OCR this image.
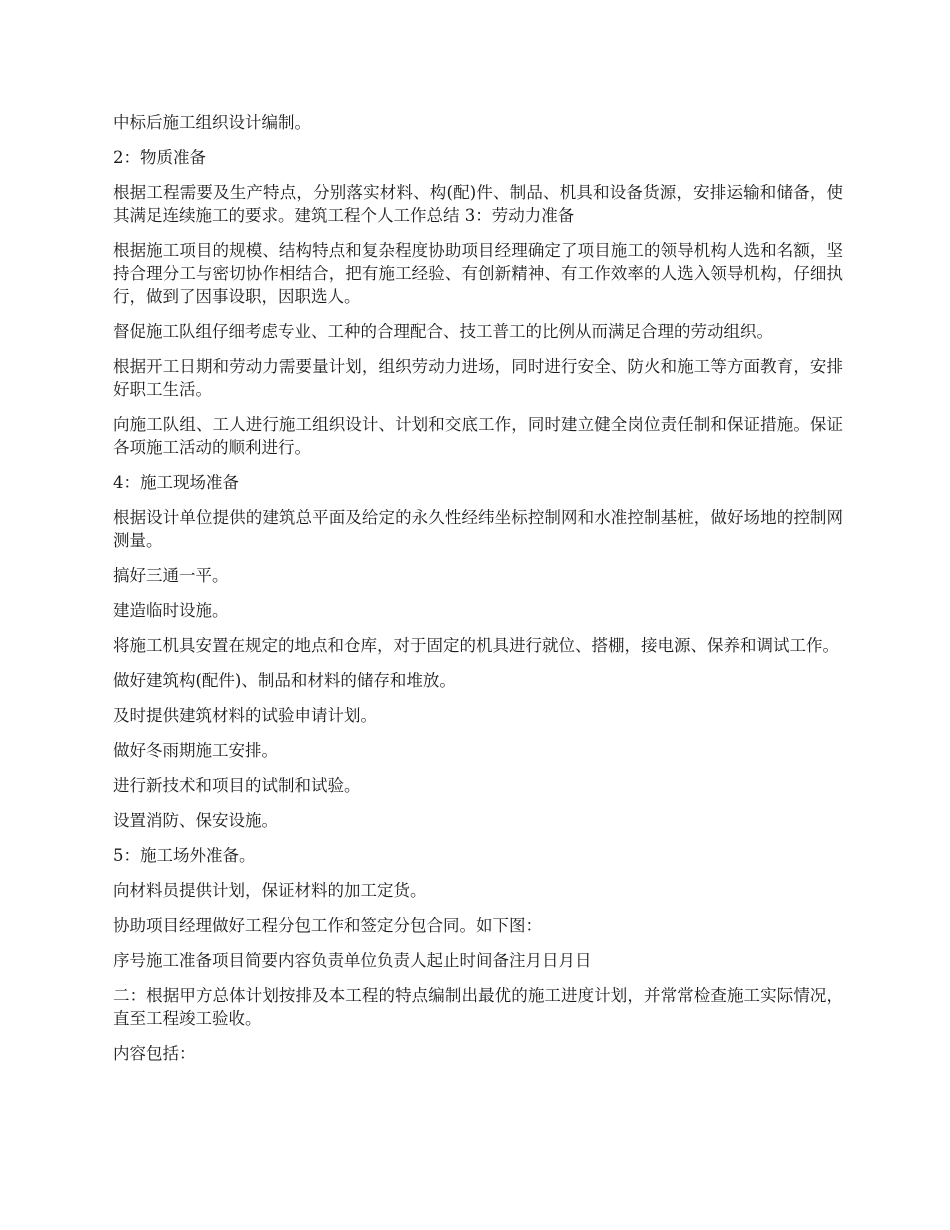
中标后施工组织设计编制。

2：物质准备

根据工程需要及生产特点，分别落实材料、构(配)件、制品、机具和设备货源，安排运输和储备，使其满足连续施工的要求。建筑工程个人工作总结 3：劳动力准备

根据施工项目的规模、结构特点和复杂程度协助项目经理确定了项目施工的领导机构人选和名额，坚持合理分工与密切协作相结合，把有施工经验、有创新精神、有工作效率的人选入领导机构，仔细执行，做到了因事设职，因职选人。

督促施工队组仔细考虑专业、工种的合理配合、技工普工的比例从而满足合理的劳动组织。

根据开工日期和劳动力需要量计划，组织劳动力进场，同时进行安全、防火和施工等方面教育，安排好职工生活。

向施工队组、工人进行施工组织设计、计划和交底工作，同时建立健全岗位责任制和保证措施。保证各项施工活动的顺利进行。

4：施工现场准备

根据设计单位提供的建筑总平面及给定的永久性经纬坐标控制网和水准控制基桩，做好场地的控制网测量。

搞好三通一平。

建造临时设施。

将施工机具安置在规定的地点和仓库，对于固定的机具进行就位、搭棚，接电源、保养和调试工作。

做好建筑构(配件)、制品和材料的储存和堆放。

及时提供建筑材料的试验申请计划。

做好冬雨期施工安排。

进行新技术和项目的试制和试验。

设置消防、保安设施。

5：施工场外准备。

向材料员提供计划，保证材料的加工定货。

协助项目经理做好工程分包工作和签定分包合同。如下图：

序号施工准备项目简要内容负责单位负责人起止时间备注月日月日

二：根据甲方总体计划按排及本工程的特点编制出最优的施工进度计划，并常常检查施工实际情况，直至工程竣工验收。

内容包括：
